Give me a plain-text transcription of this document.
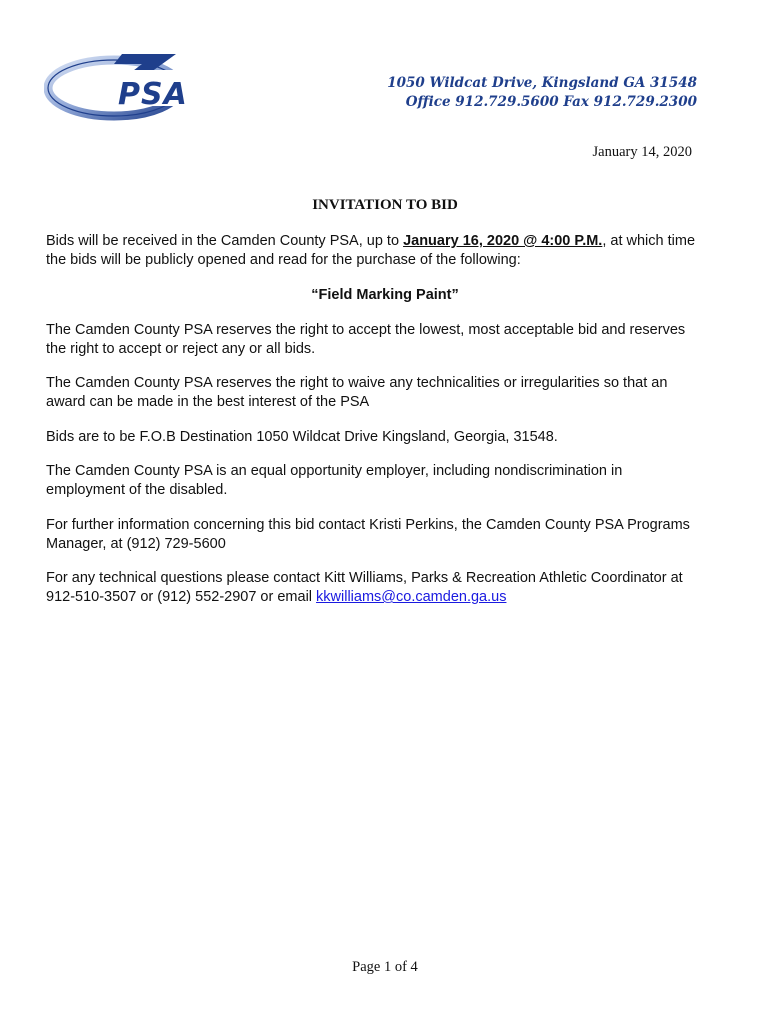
PSA	1050 Wildcat Drive, Kingsland GA 31548
Office 912.729.5600 Fax 912.729.2300
January 14, 2020
INVITATION TO BID

Bids will be received in the Camden County PSA, up to January 16, 2020 @ 4:00 P.M., at which time
the bids will be publicly opened and read for the purchase of the following:

“Field Marking Paint”

The Camden County PSA reserves the right to accept the lowest, most acceptable bid and reserves
the right to accept or reject any or all bids.

The Camden County PSA reserves the right to waive any technicalities or irregularities so that an
award can be made in the best interest of the PSA

Bids are to be F.O.B Destination 1050 Wildcat Drive Kingsland, Georgia, 31548.

The Camden County PSA is an equal opportunity employer, including nondiscrimination in
employment of the disabled.

For further information concerning this bid contact Kristi Perkins, the Camden County PSA Programs
Manager, at (912) 729-5600

For any technical questions please contact Kitt Williams, Parks & Recreation Athletic Coordinator at
912-510-3507 or (912) 552-2907 or email kkwilliams@co.camden.ga.us

Page 1 of 4
